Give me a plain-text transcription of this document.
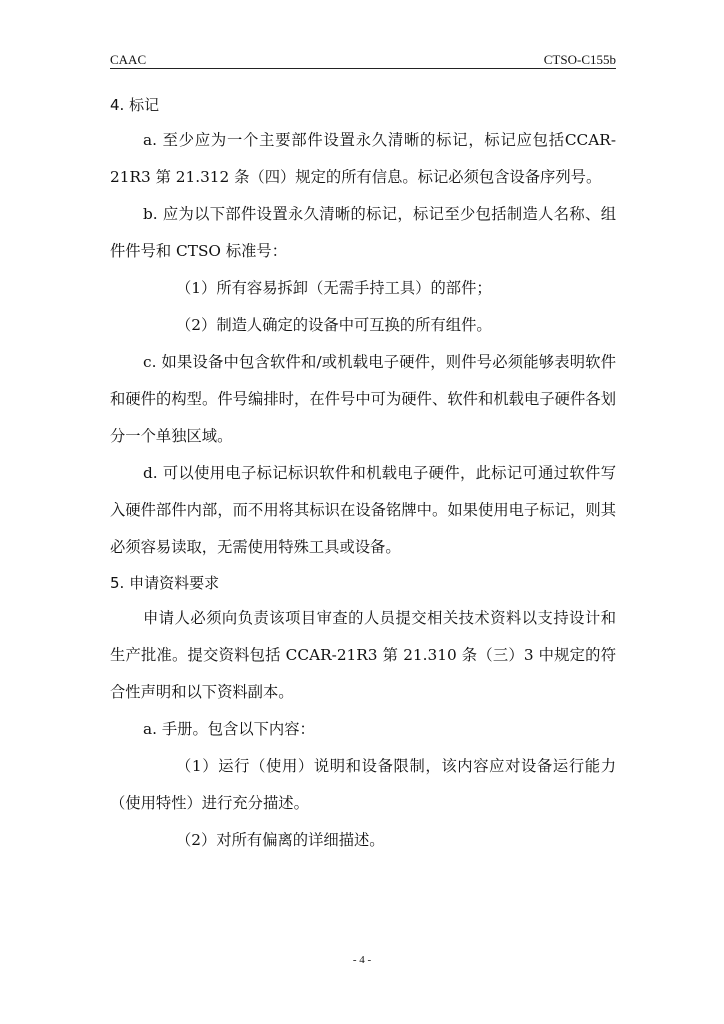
CAAC	CTSO-C155b

4. 标记

a. 至少应为一个主要部件设置永久清晰的标记，标记应包括CCAR-21R3 第 21.312 条（四）规定的所有信息。标记必须包含设备序列号。

b. 应为以下部件设置永久清晰的标记，标记至少包括制造人名称、组件件号和 CTSO 标准号：

（1）所有容易拆卸（无需手持工具）的部件；

（2）制造人确定的设备中可互换的所有组件。

c. 如果设备中包含软件和/或机载电子硬件，则件号必须能够表明软件和硬件的构型。件号编排时，在件号中可为硬件、软件和机载电子硬件各划分一个单独区域。

d. 可以使用电子标记标识软件和机载电子硬件，此标记可通过软件写入硬件部件内部，而不用将其标识在设备铭牌中。如果使用电子标记，则其必须容易读取，无需使用特殊工具或设备。

5. 申请资料要求

申请人必须向负责该项目审查的人员提交相关技术资料以支持设计和生产批准。提交资料包括 CCAR-21R3 第 21.310 条（三）3 中规定的符合性声明和以下资料副本。

a. 手册。包含以下内容：

（1）运行（使用）说明和设备限制，该内容应对设备运行能力（使用特性）进行充分描述。

（2）对所有偏离的详细描述。

- 4 -
